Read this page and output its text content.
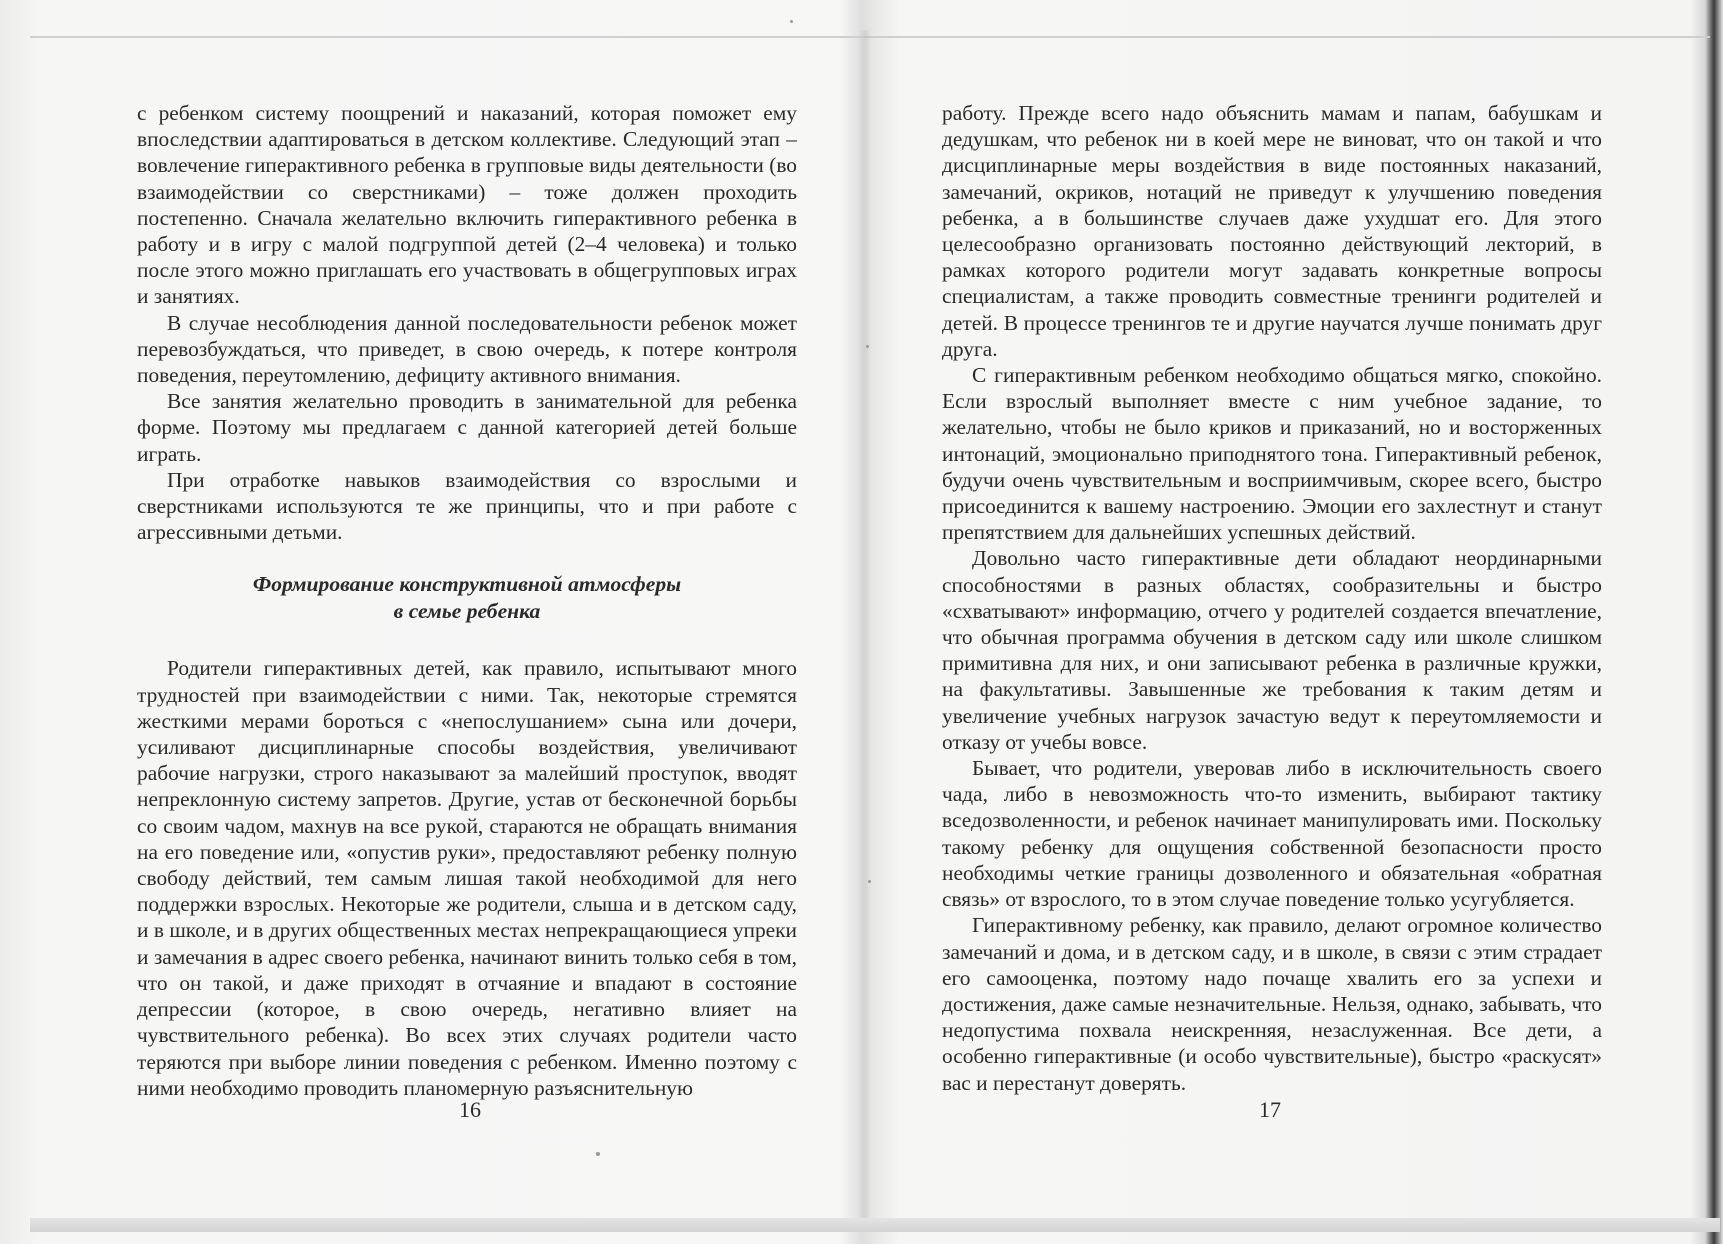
с ребенком систему поощрений и наказаний, которая поможет ему впоследствии адаптироваться в детском коллективе. Следующий этап – вовлечение гиперактивного ребенка в групповые виды деятельности (во взаимодействии со сверстниками) – тоже должен проходить постепенно. Сначала желательно включить гиперактивного ребенка в работу и в игру с малой подгруппой детей (2–4 человека) и только после этого можно приглашать его участвовать в общегрупповых играх и занятиях.

В случае несоблюдения данной последовательности ребенок может перевозбуждаться, что приведет, в свою очередь, к потере контроля поведения, переутомлению, дефициту активного внимания.

Все занятия желательно проводить в занимательной для ребенка форме. Поэтому мы предлагаем с данной категорией детей больше играть.

При отработке навыков взаимодействия со взрослыми и сверстниками используются те же принципы, что и при работе с агрессивными детьми.

Формирование конструктивной атмосферы
в семье ребенка

Родители гиперактивных детей, как правило, испытывают много трудностей при взаимодействии с ними. Так, некоторые стремятся жесткими мерами бороться с «непослушанием» сына или дочери, усиливают дисциплинарные способы воздействия, увеличивают рабочие нагрузки, строго наказывают за малейший проступок, вводят непреклонную систему запретов. Другие, устав от бесконечной борьбы со своим чадом, махнув на все рукой, стараются не обращать внимания на его поведение или, «опустив руки», предоставляют ребенку полную свободу действий, тем самым лишая такой необходимой для него поддержки взрослых. Некоторые же родители, слыша и в детском саду, и в школе, и в других общественных местах непрекращающиеся упреки и замечания в адрес своего ребенка, начинают винить только себя в том, что он такой, и даже приходят в отчаяние и впадают в состояние депрессии (которое, в свою очередь, негативно влияет на чувствительного ребенка). Во всех этих случаях родители часто теряются при выборе линии поведения с ребенком. Именно поэтому с ними необходимо проводить планомерную разъяснительную

работу. Прежде всего надо объяснить мамам и папам, бабушкам и дедушкам, что ребенок ни в коей мере не виноват, что он такой и что дисциплинарные меры воздействия в виде постоянных наказаний, замечаний, окриков, нотаций не приведут к улучшению поведения ребенка, а в большинстве случаев даже ухудшат его. Для этого целесообразно организовать постоянно действующий лекторий, в рамках которого родители могут задавать конкретные вопросы специалистам, а также проводить совместные тренинги родителей и детей. В процессе тренингов те и другие научатся лучше понимать друг друга.

С гиперактивным ребенком необходимо общаться мягко, спокойно. Если взрослый выполняет вместе с ним учебное задание, то желательно, чтобы не было криков и приказаний, но и восторженных интонаций, эмоционально приподнятого тона. Гиперактивный ребенок, будучи очень чувствительным и восприимчивым, скорее всего, быстро присоединится к вашему настроению. Эмоции его захлестнут и станут препятствием для дальнейших успешных действий.

Довольно часто гиперактивные дети обладают неординарными способностями в разных областях, сообразительны и быстро «схватывают» информацию, отчего у родителей создается впечатление, что обычная программа обучения в детском саду или школе слишком примитивна для них, и они записывают ребенка в различные кружки, на факультативы. Завышенные же требования к таким детям и увеличение учебных нагрузок зачастую ведут к переутомляемости и отказу от учебы вовсе.

Бывает, что родители, уверовав либо в исключительность своего чада, либо в невозможность что-то изменить, выбирают тактику вседозволенности, и ребенок начинает манипулировать ими. Поскольку такому ребенку для ощущения собственной безопасности просто необходимы четкие границы дозволенного и обязательная «обратная связь» от взрослого, то в этом случае поведение только усугубляется.

Гиперактивному ребенку, как правило, делают огромное количество замечаний и дома, и в детском саду, и в школе, в связи с этим страдает его самооценка, поэтому надо почаще хвалить его за успехи и достижения, даже самые незначительные. Нельзя, однако, забывать, что недопустима похвала неискренняя, незаслуженная. Все дети, а особенно гиперактивные (и особо чувствительные), быстро «раскусят» вас и перестанут доверять.

16	17
